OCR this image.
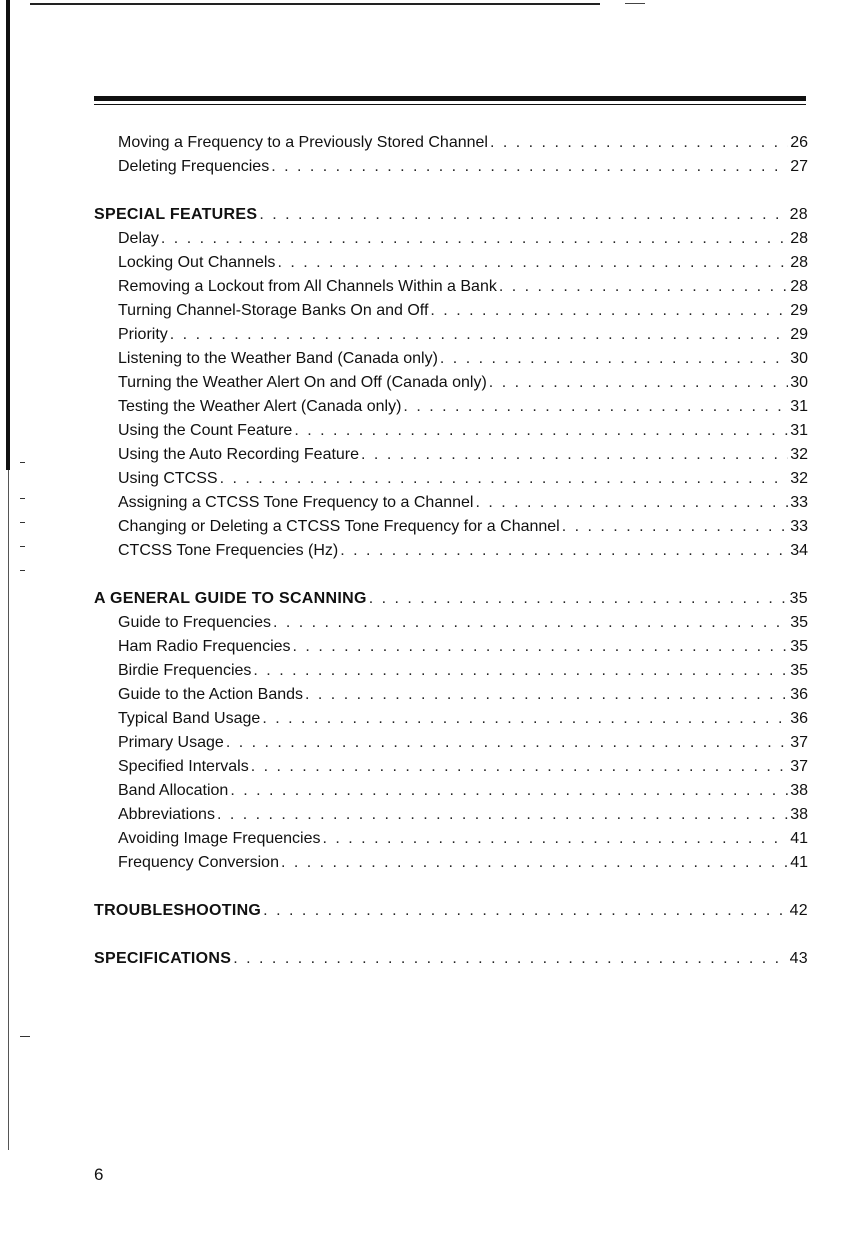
Moving a Frequency to a Previously Stored Channel . . .	26
Deleting Frequencies . . .	27
SPECIAL FEATURES . . .	28
Delay . . .	28
Locking Out Channels . . .	28
Removing a Lockout from All Channels Within a Bank . . .	28
Turning Channel-Storage Banks On and Off . . .	29
Priority . . .	29
Listening to the Weather Band (Canada only) . . .	30
Turning the Weather Alert On and Off (Canada only) . . .	30
Testing the Weather Alert (Canada only) . . .	31
Using the Count Feature . . .	31
Using the Auto Recording Feature . . .	32
Using CTCSS . . .	32
Assigning a CTCSS Tone Frequency to a Channel . . .	33
Changing or Deleting a CTCSS Tone Frequency for a Channel . . .	33
CTCSS Tone Frequencies (Hz) . . .	34
A GENERAL GUIDE TO SCANNING . . .	35
Guide to Frequencies . . .	35
Ham Radio Frequencies . . .	35
Birdie Frequencies . . .	35
Guide to the Action Bands . . .	36
Typical Band Usage . . .	36
Primary Usage . . .	37
Specified Intervals . . .	37
Band Allocation . . .	38
Abbreviations . . .	38
Avoiding Image Frequencies . . .	41
Frequency Conversion . . .	41
TROUBLESHOOTING . . .	42
SPECIFICATIONS . . .	43
6
